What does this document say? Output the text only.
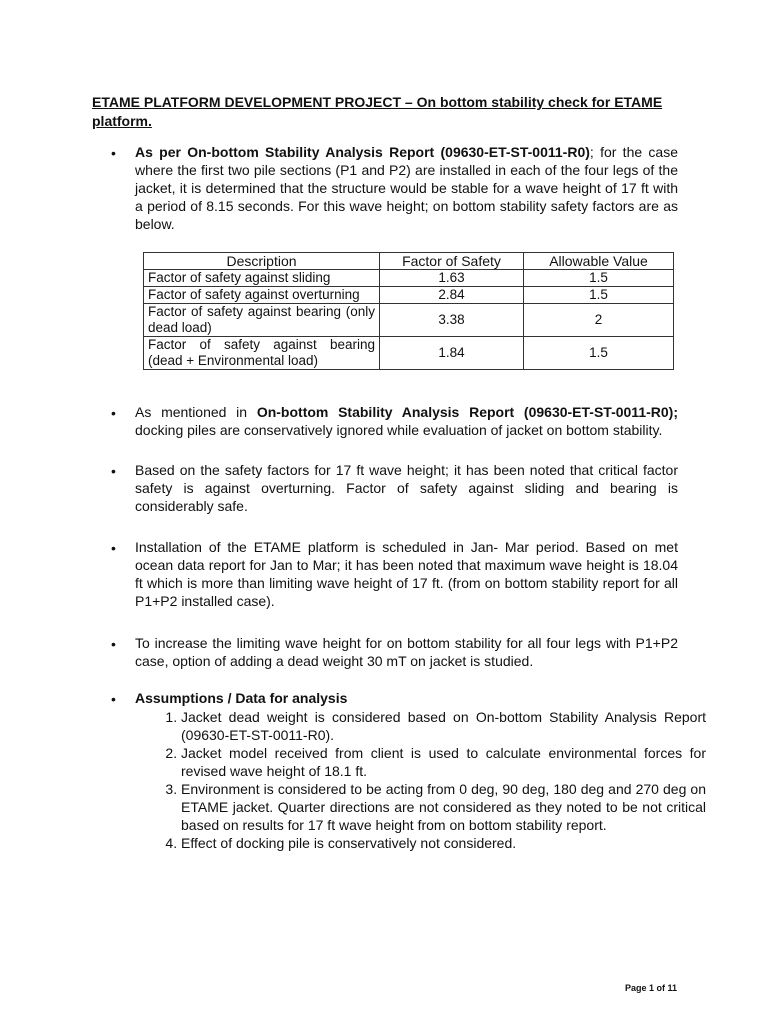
ETAME PLATFORM DEVELOPMENT PROJECT – On bottom stability check for ETAME platform.
• As per On-bottom Stability Analysis Report (09630-ET-ST-0011-R0); for the case where the first two pile sections (P1 and P2) are installed in each of the four legs of the jacket, it is determined that the structure would be stable for a wave height of 17 ft with a period of 8.15 seconds. For this wave height; on bottom stability safety factors are as below.
Description	Factor of Safety	Allowable Value
Factor of safety against sliding	1.63	1.5
Factor of safety against overturning	2.84	1.5
Factor of safety against bearing (only dead load)	3.38	2
Factor of safety against bearing (dead + Environmental load)	1.84	1.5
• As mentioned in On-bottom Stability Analysis Report (09630-ET-ST-0011-R0); docking piles are conservatively ignored while evaluation of jacket on bottom stability.
• Based on the safety factors for 17 ft wave height; it has been noted that critical factor safety is against overturning. Factor of safety against sliding and bearing is considerably safe.
• Installation of the ETAME platform is scheduled in Jan- Mar period. Based on met ocean data report for Jan to Mar; it has been noted that maximum wave height is 18.04 ft which is more than limiting wave height of 17 ft. (from on bottom stability report for all P1+P2 installed case).
• To increase the limiting wave height for on bottom stability for all four legs with P1+P2 case, option of adding a dead weight 30 mT on jacket is studied.
• Assumptions / Data for analysis
1. Jacket dead weight is considered based on On-bottom Stability Analysis Report (09630-ET-ST-0011-R0).
2. Jacket model received from client is used to calculate environmental forces for revised wave height of 18.1 ft.
3. Environment is considered to be acting from 0 deg, 90 deg, 180 deg and 270 deg on ETAME jacket. Quarter directions are not considered as they noted to be not critical based on results for 17 ft wave height from on bottom stability report.
4. Effect of docking pile is conservatively not considered.
Page 1 of 11
